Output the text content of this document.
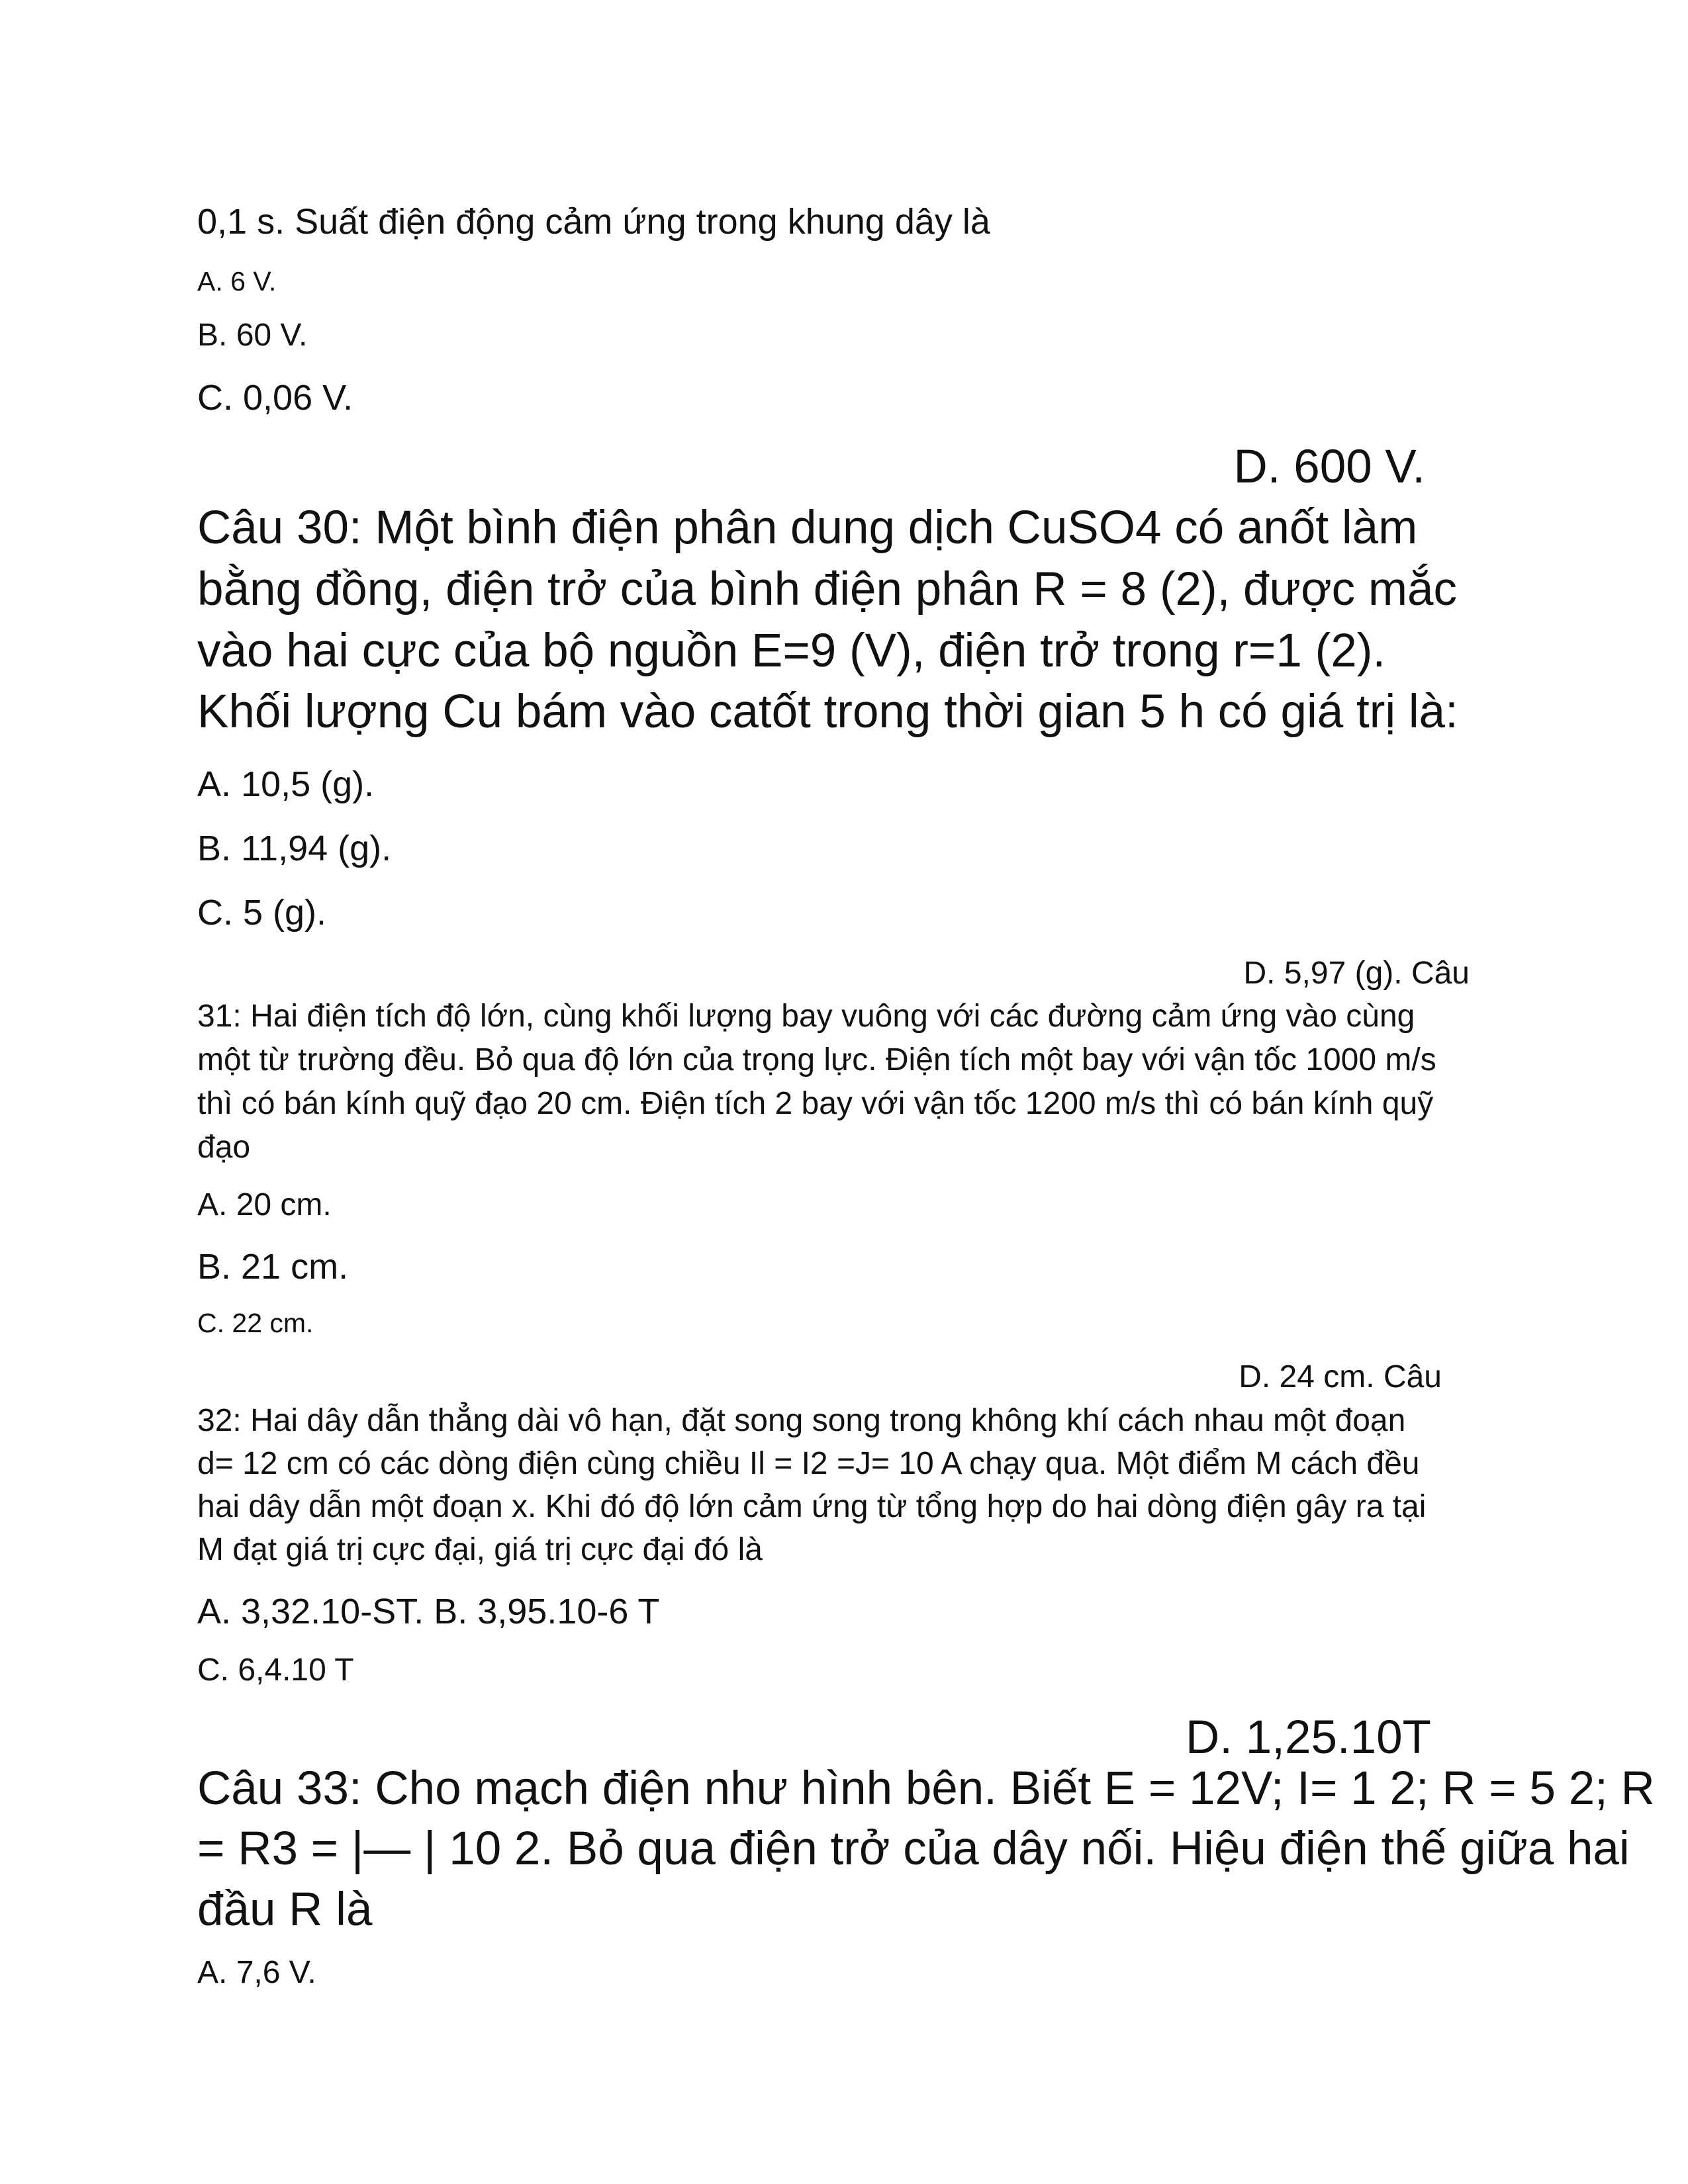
0,1 s. Suất điện động cảm ứng trong khung dây là

A. 6 V.

B. 60 V.

C. 0,06 V.

D. 600 V.

Câu 30: Một bình điện phân dung dịch CuSO4 có anốt làm

bằng đồng, điện trở của bình điện phân R = 8 (2), được mắc

vào hai cực của bộ nguồn E=9 (V), điện trở trong r=1 (2).

Khối lượng Cu bám vào catốt trong thời gian 5 h có giá trị là:

A. 10,5 (g).

B. 11,94 (g).

C. 5 (g).

D. 5,97 (g). Câu

31: Hai điện tích độ lớn, cùng khối lượng bay vuông với các đường cảm ứng vào cùng

một từ trường đều. Bỏ qua độ lớn của trọng lực. Điện tích một bay với vận tốc 1000 m/s

thì có bán kính quỹ đạo 20 cm. Điện tích 2 bay với vận tốc 1200 m/s thì có bán kính quỹ

đạo

A. 20 cm.

B. 21 cm.

C. 22 cm.

D. 24 cm. Câu

32: Hai dây dẫn thẳng dài vô hạn, đặt song song trong không khí cách nhau một đoạn

d= 12 cm có các dòng điện cùng chiều Il = I2 =J= 10 A chạy qua. Một điểm M cách đều

hai dây dẫn một đoạn x. Khi đó độ lớn cảm ứng từ tổng hợp do hai dòng điện gây ra tại

M đạt giá trị cực đại, giá trị cực đại đó là

A. 3,32.10-ST. B. 3,95.10-6 T

C. 6,4.10 T

D. 1,25.10T

Câu 33: Cho mạch điện như hình bên. Biết E = 12V; I= 1 2; R = 5 2; R

= R3 = |— | 10 2. Bỏ qua điện trở của dây nối. Hiệu điện thế giữa hai

đầu R là

A. 7,6 V.
